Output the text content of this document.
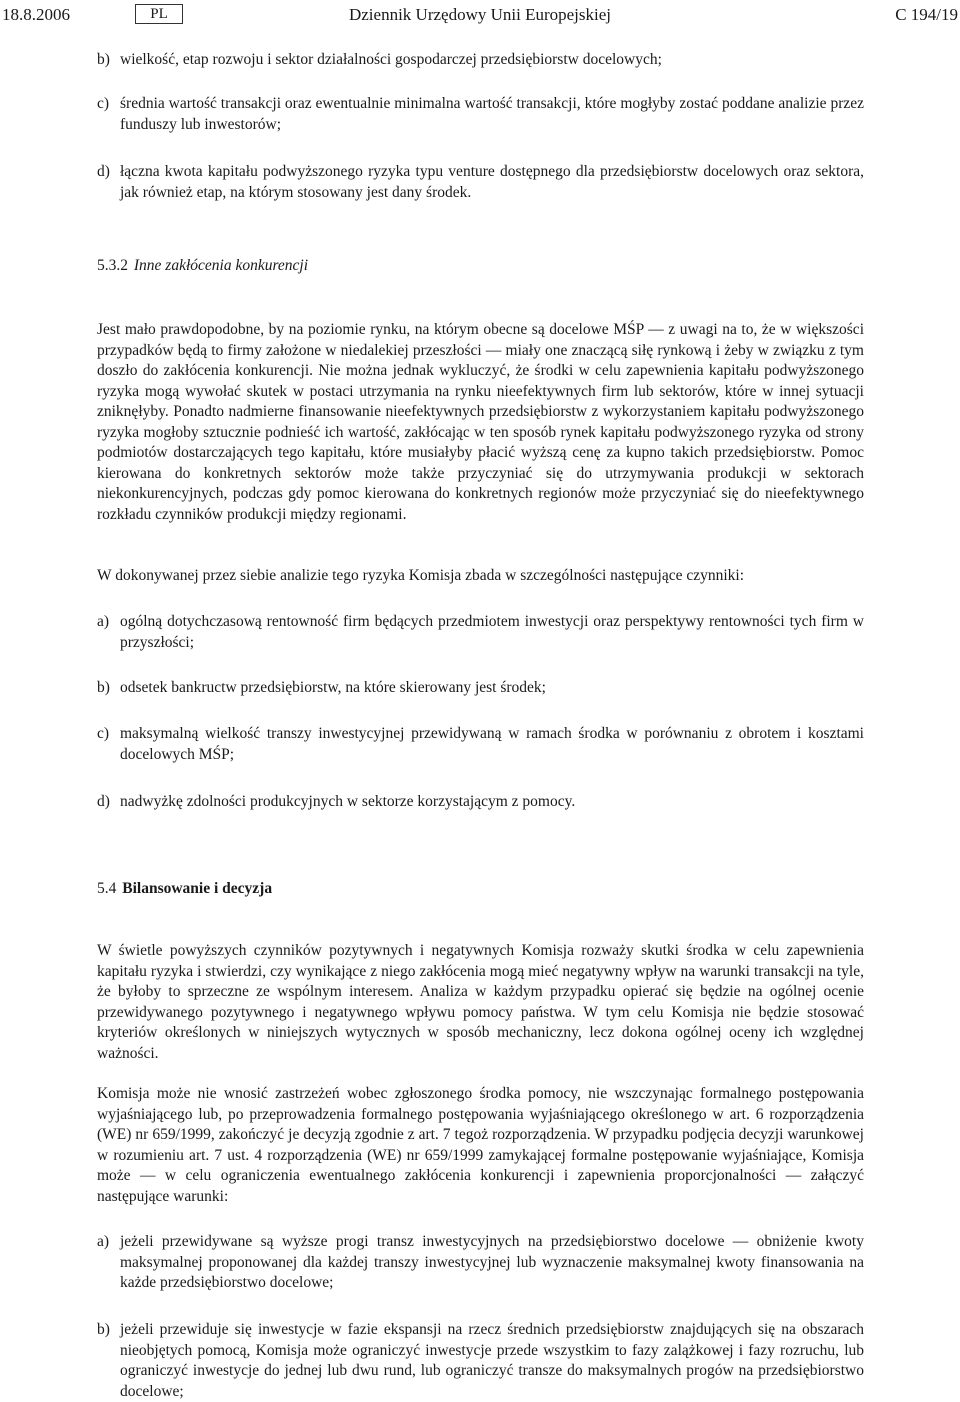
Dziennik Urzędowy Unii Europejskiej
18.8.2006	PL	C 194/19
b) wielkość, etap rozwoju i sektor działalności gospodarczej przedsiębiorstw docelowych;
c) średnia wartość transakcji oraz ewentualnie minimalna wartość transakcji, które mogłyby zostać poddane analizie przez funduszy lub inwestorów;
d) łączna kwota kapitału podwyższonego ryzyka typu venture dostępnego dla przedsiębiorstw docelowych oraz sektora, jak również etap, na którym stosowany jest dany środek.
5.3.2 Inne zakłócenia konkurencji

Jest mało prawdopodobne, by na poziomie rynku, na którym obecne są docelowe MŚP — z uwagi na to, że w większości przypadków będą to firmy założone w niedalekiej przeszłości — miały one znaczącą siłę rynkową i żeby w związku z tym doszło do zakłócenia konkurencji. Nie można jednak wykluczyć, że środki w celu zapewnienia kapitału podwyższonego ryzyka mogą wywołać skutek w postaci utrzymania na rynku nieefektywnych firm lub sektorów, które w innej sytuacji zniknęłyby. Ponadto nadmierne finansowanie nieefektywnych przedsiębiorstw z wykorzystaniem kapitału podwyższonego ryzyka mogłoby sztucznie podnieść ich wartość, zakłócając w ten sposób rynek kapitału podwyższonego ryzyka od strony podmiotów dostarczających tego kapitału, które musiałyby płacić wyższą cenę za kupno takich przedsiębiorstw. Pomoc kierowana do konkretnych sektorów może także przyczyniać się do utrzymywania produkcji w sektorach niekonkurencyjnych, podczas gdy pomoc kierowana do konkretnych regionów może przyczyniać się do nieefektywnego rozkładu czynników produkcji między regionami.

W dokonywanej przez siebie analizie tego ryzyka Komisja zbada w szczególności następujące czynniki:

a) ogólną dotychczasową rentowność firm będących przedmiotem inwestycji oraz perspektywy rentowności tych firm w przyszłości;
b) odsetek bankructw przedsiębiorstw, na które skierowany jest środek;
c) maksymalną wielkość transzy inwestycyjnej przewidywaną w ramach środka w porównaniu z obrotem i kosztami docelowych MŚP;
d) nadwyżkę zdolności produkcyjnych w sektorze korzystającym z pomocy.
5.4 Bilansowanie i decyzja

W świetle powyższych czynników pozytywnych i negatywnych Komisja rozważy skutki środka w celu zapewnienia kapitału ryzyka i stwierdzi, czy wynikające z niego zakłócenia mogą mieć negatywny wpływ na warunki transakcji na tyle, że byłoby to sprzeczne ze wspólnym interesem. Analiza w każdym przypadku opierać się będzie na ogólnej ocenie przewidywanego pozytywnego i negatywnego wpływu pomocy państwa. W tym celu Komisja nie będzie stosować kryteriów określonych w niniejszych wytycznych w sposób mechaniczny, lecz dokona ogólnej oceny ich względnej ważności.

Komisja może nie wnosić zastrzeżeń wobec zgłoszonego środka pomocy, nie wszczynając formalnego postępowania wyjaśniającego lub, po przeprowadzenia formalnego postępowania wyjaśniającego określonego w art. 6 rozporządzenia (WE) nr 659/1999, zakończyć je decyzją zgodnie z art. 7 tegoż rozporządzenia. W przypadku podjęcia decyzji warunkowej w rozumieniu art. 7 ust. 4 rozporządzenia (WE) nr 659/1999 zamykającej formalne postępowanie wyjaśniające, Komisja może — w celu ograniczenia ewentualnego zakłócenia konkurencji i zapewnienia proporcjonalności — załączyć następujące warunki:

a) jeżeli przewidywane są wyższe progi transz inwestycyjnych na przedsiębiorstwo docelowe — obniżenie kwoty maksymalnej proponowanej dla każdej transzy inwestycyjnej lub wyznaczenie maksymalnej kwoty finansowania na każde przedsiębiorstwo docelowe;
b) jeżeli przewiduje się inwestycje w fazie ekspansji na rzecz średnich przedsiębiorstw znajdujących się na obszarach nieobjętych pomocą, Komisja może ograniczyć inwestycje przede wszystkim to fazy zalążkowej i fazy rozruchu, lub ograniczyć inwestycje do jednej lub dwu rund, lub ograniczyć transze do maksymalnych progów na przedsiębiorstwo docelowe;
